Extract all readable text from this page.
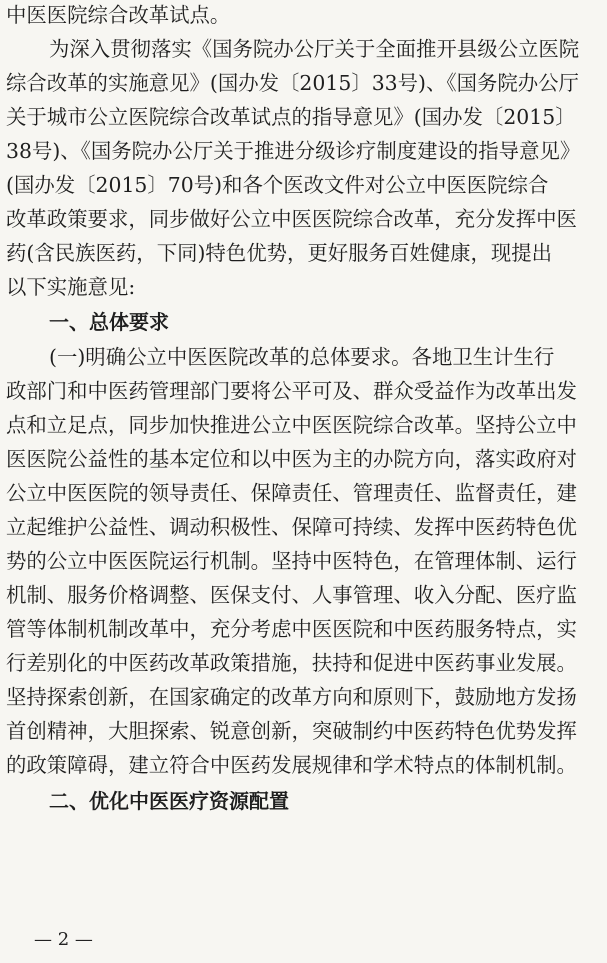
中医医院综合改革试点。
为深入贯彻落实《国务院办公厅关于全面推开县级公立医院
综合改革的实施意见》(国办发〔2015〕33号)、《国务院办公厅
关于城市公立医院综合改革试点的指导意见》(国办发〔2015〕
38号)、《国务院办公厅关于推进分级诊疗制度建设的指导意见》
(国办发〔2015〕70号)和各个医改文件对公立中医医院综合
改革政策要求，同步做好公立中医医院综合改革，充分发挥中医
药(含民族医药，下同)特色优势，更好服务百姓健康，现提出
以下实施意见:
一、总体要求
(一)明确公立中医医院改革的总体要求。各地卫生计生行
政部门和中医药管理部门要将公平可及、群众受益作为改革出发
点和立足点，同步加快推进公立中医医院综合改革。坚持公立中
医医院公益性的基本定位和以中医为主的办院方向，落实政府对
公立中医医院的领导责任、保障责任、管理责任、监督责任，建
立起维护公益性、调动积极性、保障可持续、发挥中医药特色优
势的公立中医医院运行机制。坚持中医特色，在管理体制、运行
机制、服务价格调整、医保支付、人事管理、收入分配、医疗监
管等体制机制改革中，充分考虑中医医院和中医药服务特点，实
行差别化的中医药改革政策措施，扶持和促进中医药事业发展。
坚持探索创新，在国家确定的改革方向和原则下，鼓励地方发扬
首创精神，大胆探索、锐意创新，突破制约中医药特色优势发挥
的政策障碍，建立符合中医药发展规律和学术特点的体制机制。
二、优化中医医疗资源配置
— 2 —
